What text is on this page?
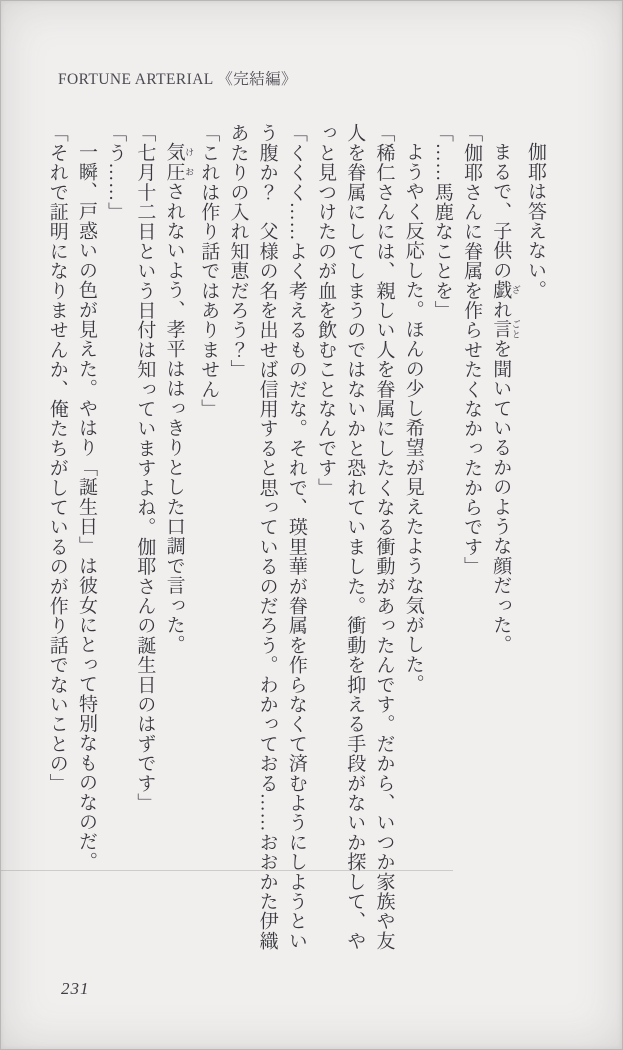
FORTUNE ARTERIAL 《完結編》

伽耶は答えない。

まるで、子供の戯 ざれ言 ごとを聞いているかのような顔だった。

「伽耶さんに眷属を作らせたくなかったからです」

「……馬鹿なことを」

ようやく反応した。ほんの少し希望が見えたような気がした。

「稀仁さんには、親しい人を眷属にしたくなる衝動があったんです。だから、いつか家族や友

人を眷属にしてしまうのではないかと恐れていました。衝動を抑える手段がないか探して、や

っと見つけたのが血を飲むことなんです」

「くくく……よく考えるものだな。それで、瑛里華が眷属を作らなくて済むようにしようとい

う腹か？　父様の名を出せば信用すると思っているのだろう。わかっておる……おおかた伊織

あたりの入れ知恵だろう？」

「これは作り話ではありません」

気 け圧 おされないよう、孝平ははっきりとした口調で言った。

「七月十二日という日付は知っていますよね。伽耶さんの誕生日のはずです」

「う……」

一瞬、戸惑いの色が見えた。やはり「誕生日」は彼女にとって特別なものなのだ。

「それで証明になりませんか、俺たちがしているのが作り話でないことの」

231
